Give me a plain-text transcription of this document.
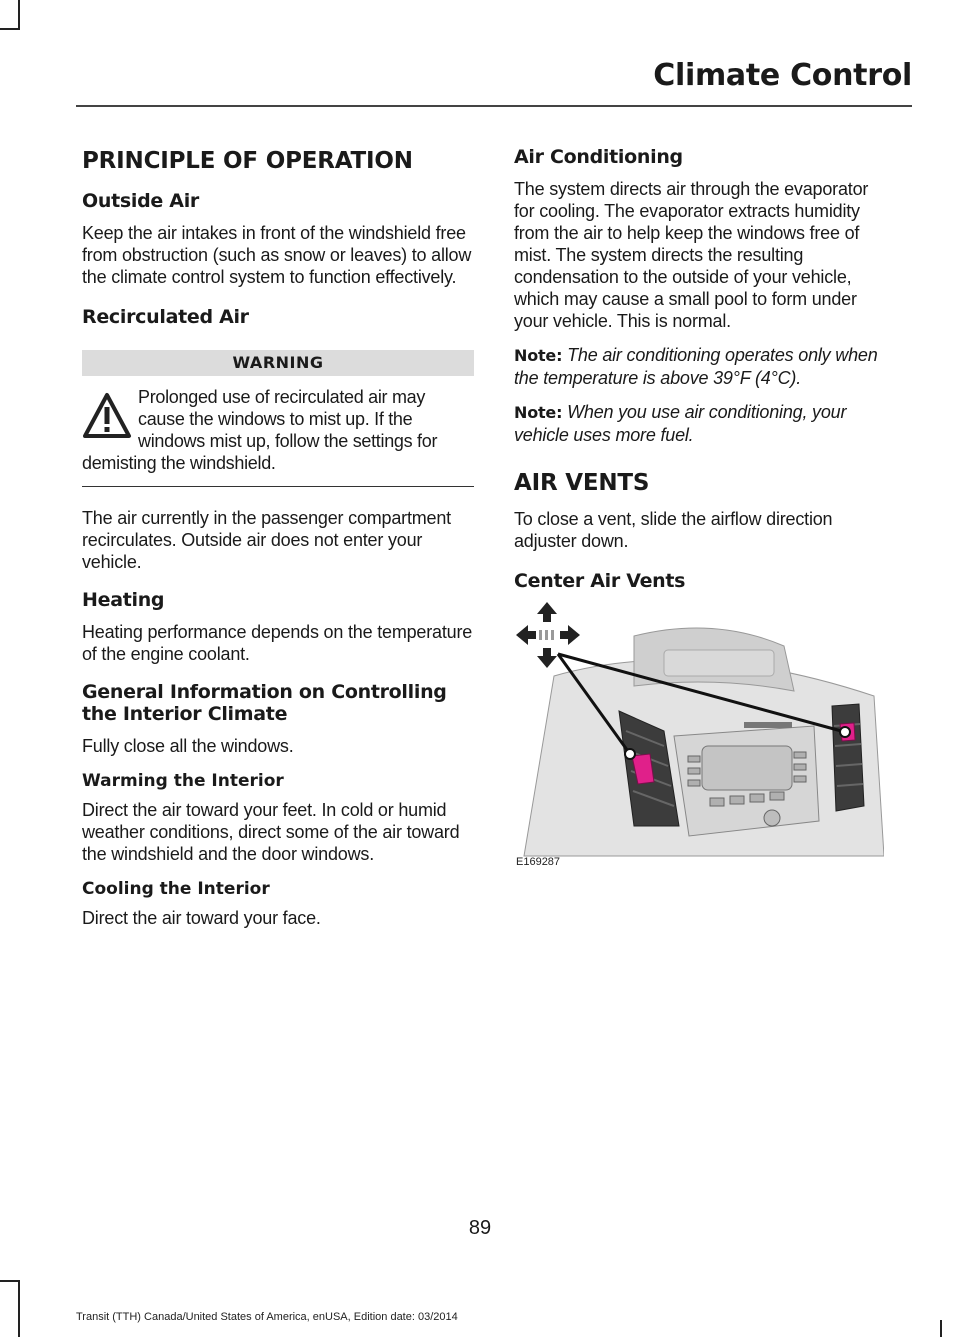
Climate Control
PRINCIPLE OF OPERATION
Outside Air

Keep the air intakes in front of the windshield free from obstruction (such as snow or leaves) to allow the climate control system to function effectively.

Recirculated Air
WARNING
Prolonged use of recirculated air may cause the windows to mist up. If the windows mist up, follow the settings for demisting the windshield.

The air currently in the passenger compartment recirculates. Outside air does not enter your vehicle.

Heating

Heating performance depends on the temperature of the engine coolant.

General Information on Controlling the Interior Climate

Fully close all the windows.

Warming the Interior

Direct the air toward your feet. In cold or humid weather conditions, direct some of the air toward the windshield and the door windows.

Cooling the Interior

Direct the air toward your face.

Air Conditioning

The system directs air through the evaporator for cooling. The evaporator extracts humidity from the air to help keep the windows free of mist. The system directs the resulting condensation to the outside of your vehicle, which may cause a small pool to form under your vehicle. This is normal.

Note: The air conditioning operates only when the temperature is above 39°F (4°C).

Note: When you use air conditioning, your vehicle uses more fuel.

AIR VENTS

To close a vent, slide the airflow direction adjuster down.

Center Air Vents
E169287
89
Transit (TTH) Canada/United States of America, enUSA, Edition date: 03/2014
